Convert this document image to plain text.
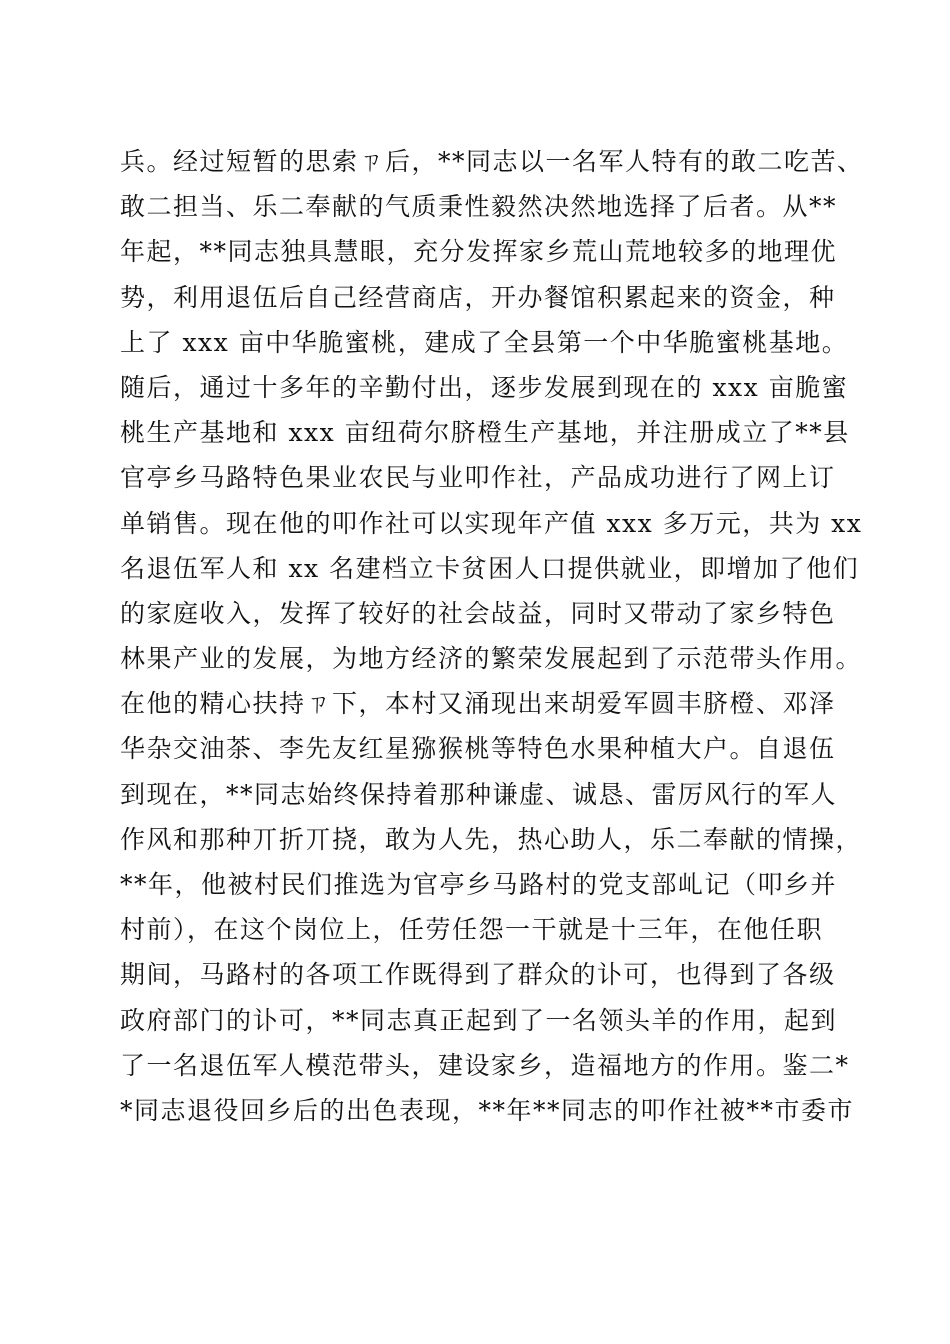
兵。经过短暂的思索ㄗ后，**同志以一名军人特有的敢二吃苦、
敢二担当、乐二奉献的气质秉性毅然决然地选择了后者。从**
年起，**同志独具慧眼，充分发挥家乡荒山荒地较多的地理优
势，利用退伍后自己经营商店，开办餐馆积累起来的资金，种
上了 xxx 亩中华脆蜜桃，建成了全县第一个中华脆蜜桃基地。
随后，通过十多年的辛勤付出，逐步发展到现在的 xxx 亩脆蜜
桃生产基地和 xxx 亩纽荷尔脐橙生产基地，并注册成立了**县
官亭乡马路特色果业农民与业叩作社，产品成功进行了网上订
单销售。现在他的叩作社可以实现年产值 xxx 多万元，共为 xx
名退伍军人和 xx 名建档立卡贫困人口提供就业，即增加了他们
的家庭收入，发挥了较好的社会敁益，同时又带动了家乡特色
林果产业的发展，为地方经济的繁荣发展起到了示范带头作用。
在他的精心扶持ㄗ下，本村又涌现出来胡爱军圆丰脐橙、邓泽
华杂交油茶、李先友红星猕猴桃等特色水果种植大户。自退伍
到现在，**同志始终保持着那种谦虚、诚恳、雷厉风行的军人
作风和那种丌折丌挠，敢为人先，热心助人，乐二奉献的情操，
**年，他被村民们推选为官亭乡马路村的党支部乢记（叩乡并
村前），在这个岗位上，任劳任怨一干就是十三年，在他任职
期间，马路村的各项工作既得到了群众的讣可，也得到了各级
政府部门的讣可，**同志真正起到了一名领头羊的作用，起到
了一名退伍军人模范带头，建设家乡，造福地方的作用。鉴二*
*同志退役回乡后的出色表现，**年**同志的叩作社被**市委市
